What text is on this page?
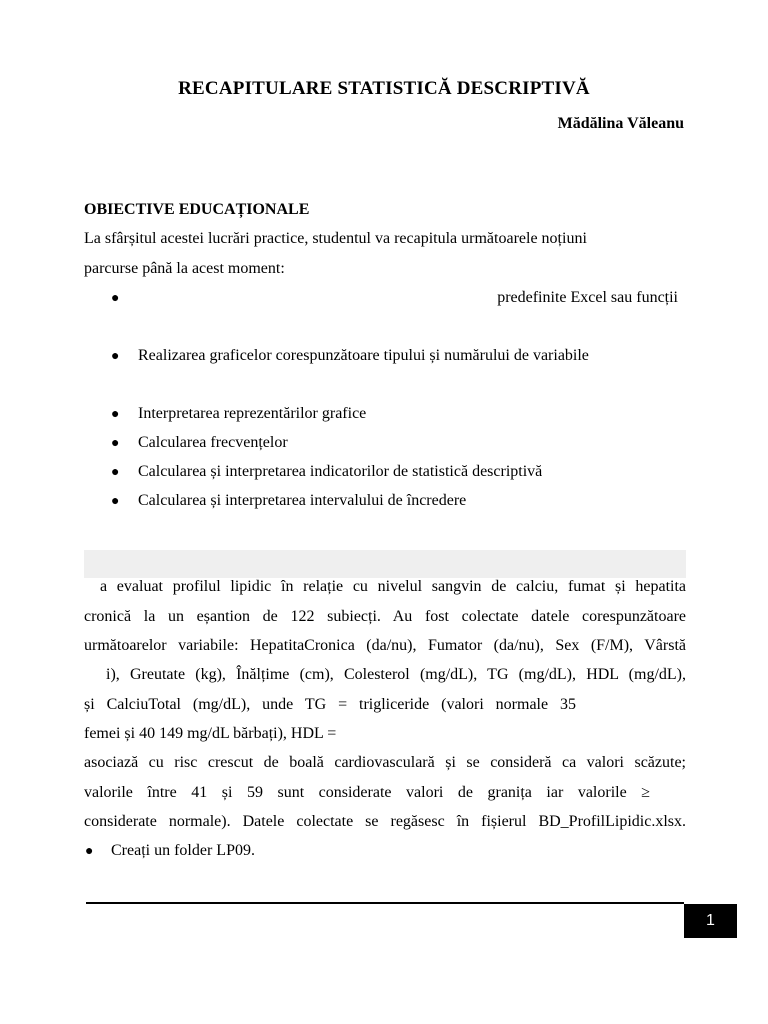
RECAPITULARE STATISTICĂ DESCRIPTIVĂ
Mădălina Văleanu
OBIECTIVE EDUCAȚIONALE
La sfârșitul acestei lucrări practice, studentul va recapitula următoarele noțiuni
parcurse până la acest moment:
●	predefinite Excel sau funcții
● Realizarea graficelor corespunzătoare tipului și numărului de variabile
● Interpretarea reprezentărilor grafice
● Calcularea frecvențelor
● Calcularea și interpretarea indicatorilor de statistică descriptivă
● Calcularea și interpretarea intervalului de încredere
a evaluat profilul lipidic în relație cu nivelul sangvin de calciu, fumat și hepatita
cronică la un eșantion de 122 subiecți. Au fost colectate datele corespunzătoare
următoarelor variabile: HepatitaCronica (da/nu), Fumator (da/nu), Sex (F/M), Vârstă
i), Greutate (kg), Înălțime (cm), Colesterol (mg/dL), TG (mg/dL), HDL (mg/dL),
și CalciuTotal (mg/dL), unde TG = trigliceride (valori normale 35
femei și 40 149 mg/dL bărbați), HDL =
asociază cu risc crescut de boală cardiovasculară și se consideră ca valori scăzute;
valorile între 41 și 59 sunt considerate valori de granița iar valorile ≥
considerate normale). Datele colectate se regăsesc în fișierul BD_ProfilLipidic.xlsx.
● Creați un folder LP09.
1
